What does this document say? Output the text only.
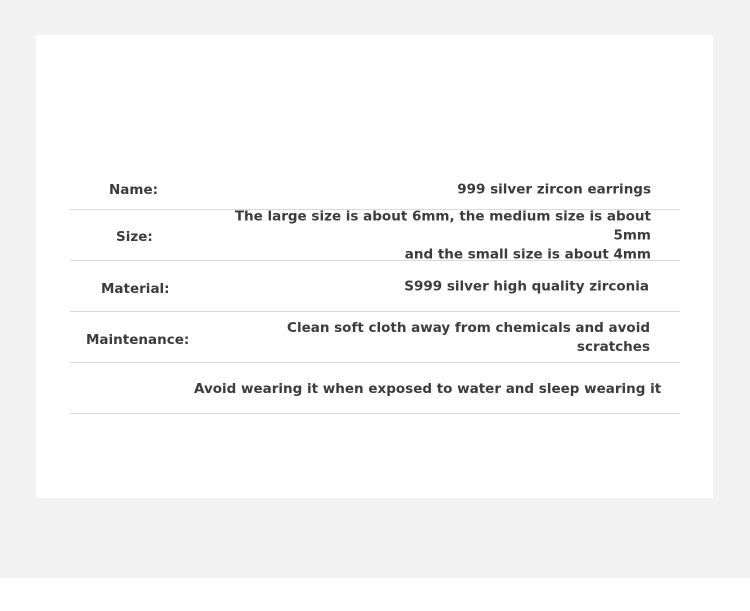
Name:	999 silver zircon earrings
Size:
The large size is about 6mm, the medium size is about 5mm
and the small size is about 4mm
Material:	S999 silver high quality zirconia
Maintenance:
Clean soft cloth away from chemicals and avoid
scratches
Avoid wearing it when exposed to water and sleep wearing it
